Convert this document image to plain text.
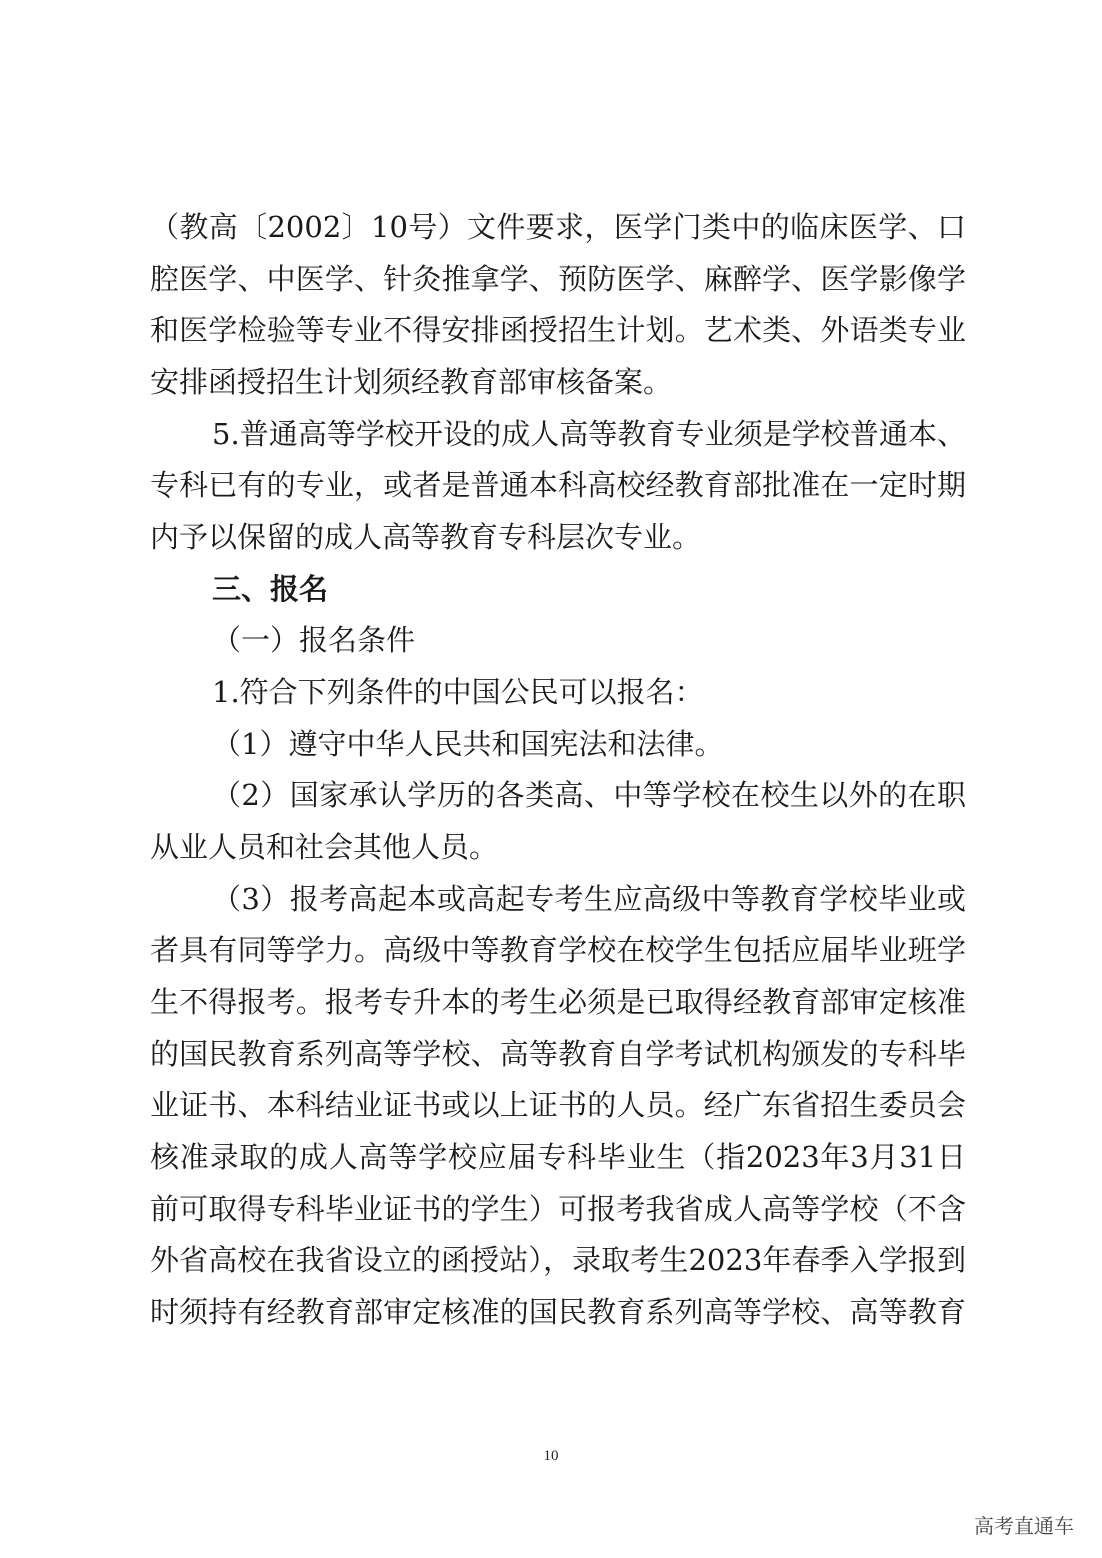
（教高〔2002〕10号）文件要求，医学门类中的临床医学、口
腔医学、中医学、针灸推拿学、预防医学、麻醉学、医学影像学
和医学检验等专业不得安排函授招生计划。艺术类、外语类专业
安排函授招生计划须经教育部审核备案。
5.普通高等学校开设的成人高等教育专业须是学校普通本、
专科已有的专业，或者是普通本科高校经教育部批准在一定时期
内予以保留的成人高等教育专科层次专业。
三、报名
（一）报名条件
1.符合下列条件的中国公民可以报名：
（1）遵守中华人民共和国宪法和法律。
（2）国家承认学历的各类高、中等学校在校生以外的在职
从业人员和社会其他人员。
（3）报考高起本或高起专考生应高级中等教育学校毕业或
者具有同等学力。高级中等教育学校在校学生包括应届毕业班学
生不得报考。报考专升本的考生必须是已取得经教育部审定核准
的国民教育系列高等学校、高等教育自学考试机构颁发的专科毕
业证书、本科结业证书或以上证书的人员。经广东省招生委员会
核准录取的成人高等学校应届专科毕业生（指2023年3月31日
前可取得专科毕业证书的学生）可报考我省成人高等学校（不含
外省高校在我省设立的函授站），录取考生2023年春季入学报到
时须持有经教育部审定核准的国民教育系列高等学校、高等教育
10
高考直通车
